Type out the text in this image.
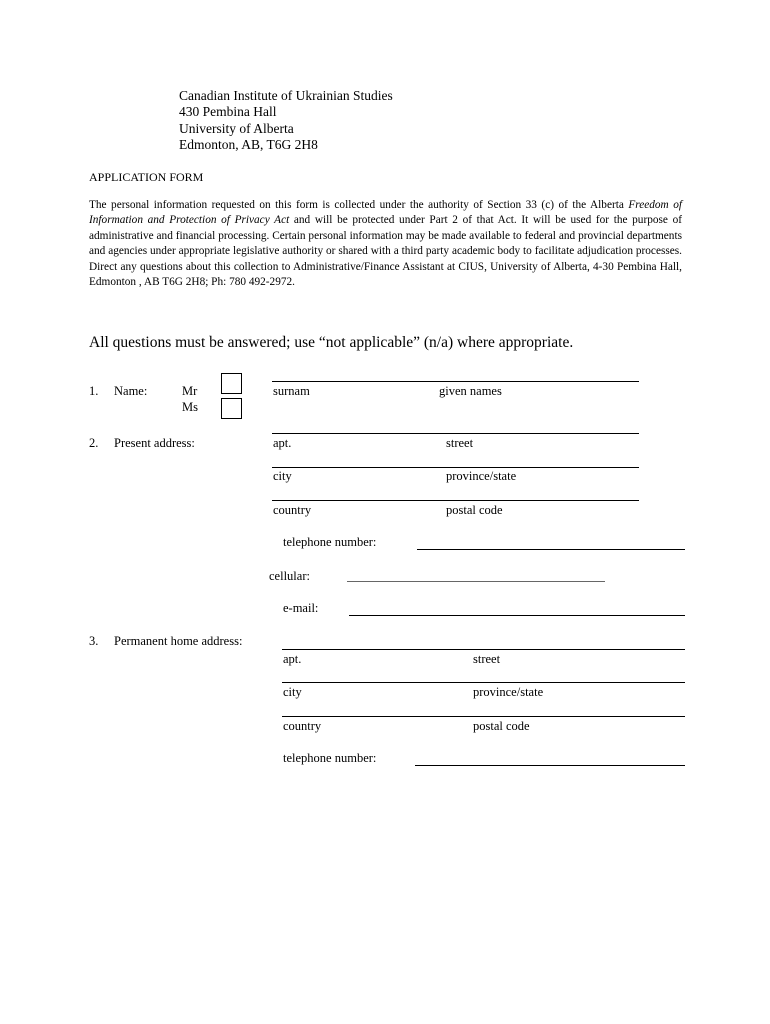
Canadian Institute of Ukrainian Studies
430 Pembina Hall
University of Alberta
Edmonton, AB, T6G 2H8
APPLICATION FORM

The personal information requested on this form is collected under the authority of Section 33 (c) of the Alberta Freedom of Information and Protection of Privacy Act and will be protected under Part 2 of that Act. It will be used for the purpose of administrative and financial processing. Certain personal information may be made available to federal and provincial departments and agencies under appropriate legislative authority or shared with a third party academic body to facilitate adjudication processes. Direct any questions about this collection to Administrative/Finance Assistant at CIUS, University of Alberta, 4-30 Pembina Hall, Edmonton , AB T6G 2H8; Ph: 780 492-2972.

All questions must be answered; use “not applicable” (n/a) where appropriate.
1. Name:	Mr
Ms
surnam	given names
2. Present address:	apt.	street
city	province/state
country	postal code
telephone number:
cellular:
e-mail:
3. Permanent home address:
apt.	street
city	province/state
country	postal code
telephone number:
